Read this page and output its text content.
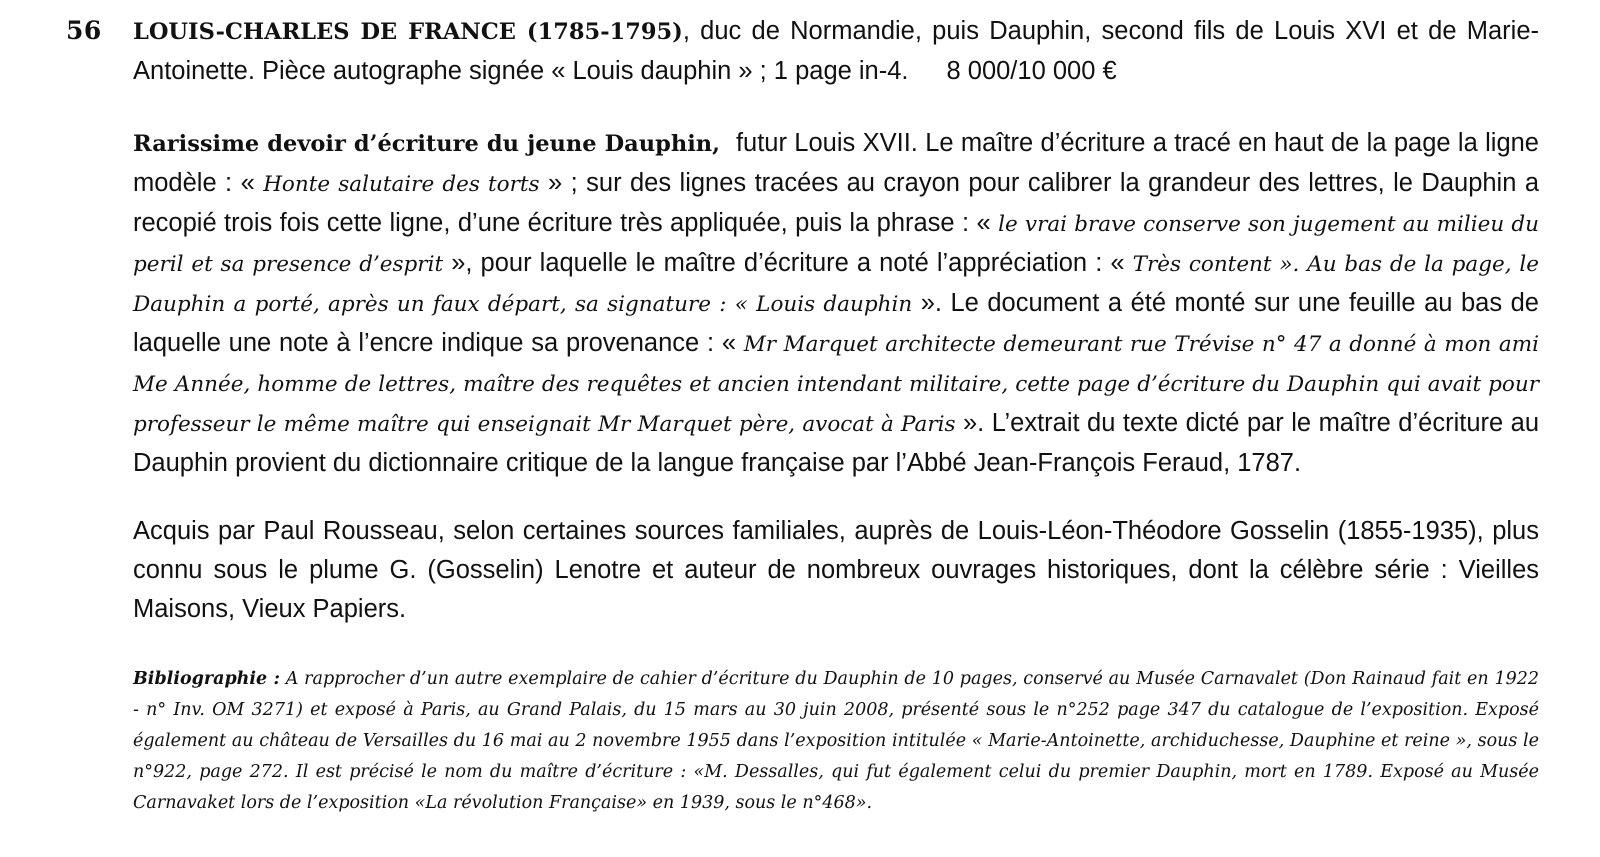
56 LOUIS-CHARLES DE FRANCE (1785-1795), duc de Normandie, puis Dauphin, second fils de Louis XVI et de Marie-Antoinette. Pièce autographe signée « Louis dauphin » ; 1 page in-4. 8 000/10 000 €
Rarissime devoir d’écriture du jeune Dauphin, futur Louis XVII. Le maître d’écriture a tracé en haut de la page la ligne modèle : « Honte salutaire des torts » ; sur des lignes tracées au crayon pour calibrer la grandeur des lettres, le Dauphin a recopié trois fois cette ligne, d’une écriture très appliquée, puis la phrase : « le vrai brave conserve son jugement au milieu du peril et sa presence d’esprit », pour laquelle le maître d’écriture a noté l’appréciation : « Très content ». Au bas de la page, le Dauphin a porté, après un faux départ, sa signature : « Louis dauphin ». Le document a été monté sur une feuille au bas de laquelle une note à l’encre indique sa provenance : « Mr Marquet architecte demeurant rue Trévise n° 47 a donné à mon ami Me Année, homme de lettres, maître des requêtes et ancien intendant militaire, cette page d’écriture du Dauphin qui avait pour professeur le même maître qui enseignait Mr Marquet père, avocat à Paris ». L’extrait du texte dicté par le maître d’écriture au Dauphin provient du dictionnaire critique de la langue française par l’Abbé Jean-François Feraud, 1787.
Acquis par Paul Rousseau, selon certaines sources familiales, auprès de Louis-Léon-Théodore Gosselin (1855-1935), plus connu sous le plume G. (Gosselin) Lenotre et auteur de nombreux ouvrages historiques, dont la célèbre série : Vieilles Maisons, Vieux Papiers.
Bibliographie : A rapprocher d’un autre exemplaire de cahier d’écriture du Dauphin de 10 pages, conservé au Musée Carnavalet (Don Rainaud fait en 1922 - n° Inv. OM 3271) et exposé à Paris, au Grand Palais, du 15 mars au 30 juin 2008, présenté sous le n°252 page 347 du catalogue de l’exposition. Exposé également au château de Versailles du 16 mai au 2 novembre 1955 dans l’exposition intitulée « Marie-Antoinette, archiduchesse, Dauphine et reine », sous le n°922, page 272. Il est précisé le nom du maître d’écriture : «M. Dessalles, qui fut également celui du premier Dauphin, mort en 1789. Exposé au Musée Carnavaket lors de l’exposition «La révolution Française» en 1939, sous le n°468».
